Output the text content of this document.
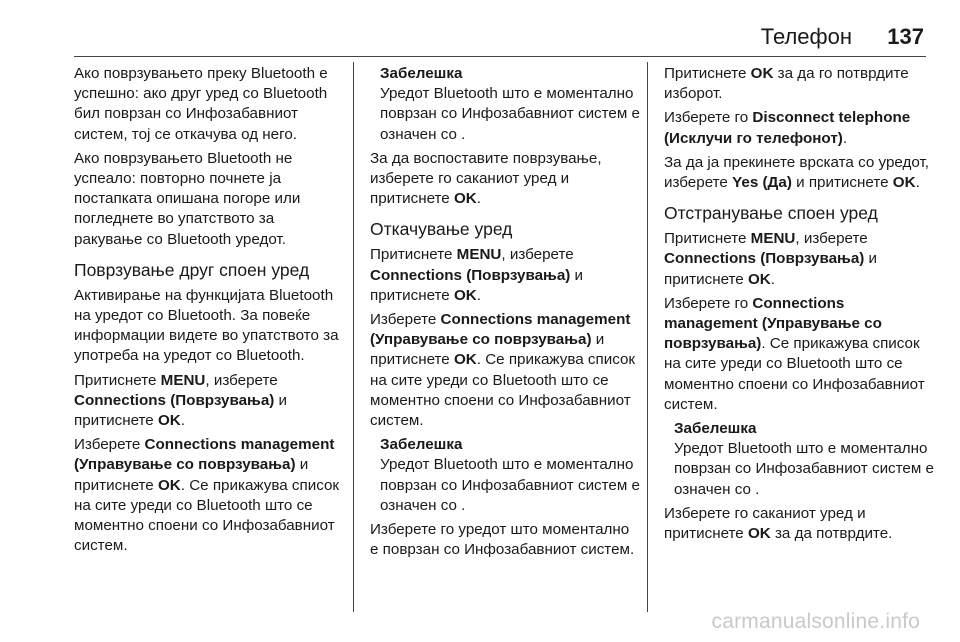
Телефон 137

Ако поврзувањето преку Bluetooth е успешно: ако друг уред со Bluetooth бил поврзан со Инфозабавниот систем, тој се откачува од него.

Ако поврзувањето Bluetooth не успеало: повторно почнете ја постапката опишана погоре или погледнете во упатството за ракување со Bluetooth уредот.

Поврзување друг споен уред

Активирање на функцијата Bluetooth на уредот со Bluetooth. За повеќе информации видете во упатството за употреба на уредот со Bluetooth.

Притиснете MENU, изберете Connections (Поврзувања) и притиснете OK.

Изберете Connections management (Управување со поврзувања) и притиснете OK. Се прикажува список на сите уреди со Bluetooth што се моментно споени со Инфозабавниот систем.

Забелешка
Уредот Bluetooth што е моментално поврзан со Инфозабавниот систем е означен со .

За да воспоставите поврзување, изберете го саканиот уред и притиснете OK.

Откачување уред

Притиснете MENU, изберете Connections (Поврзувања) и притиснете OK.

Изберете Connections management (Управување со поврзувања) и притиснете OK. Се прикажува список на сите уреди со Bluetooth што се моментно споени со Инфозабавниот систем.

Забелешка
Уредот Bluetooth што е моментално поврзан со Инфозабавниот систем е означен со .

Изберете го уредот што моментално е поврзан со Инфозабавниот систем.

Притиснете OK за да го потврдите изборот.

Изберете го Disconnect telephone (Исклучи го телефонот).

За да ја прекинете врската со уредот, изберете Yes (Да) и притиснете OK.

Отстранување споен уред

Притиснете MENU, изберете Connections (Поврзувања) и притиснете OK.

Изберете го Connections management (Управување со поврзувања). Се прикажува список на сите уреди со Bluetooth што се моментно споени со Инфозабавниот систем.

Забелешка
Уредот Bluetooth што е моментално поврзан со Инфозабавниот систем е означен со .

Изберете го саканиот уред и притиснете OK за да потврдите.

carmanualsonline.info
